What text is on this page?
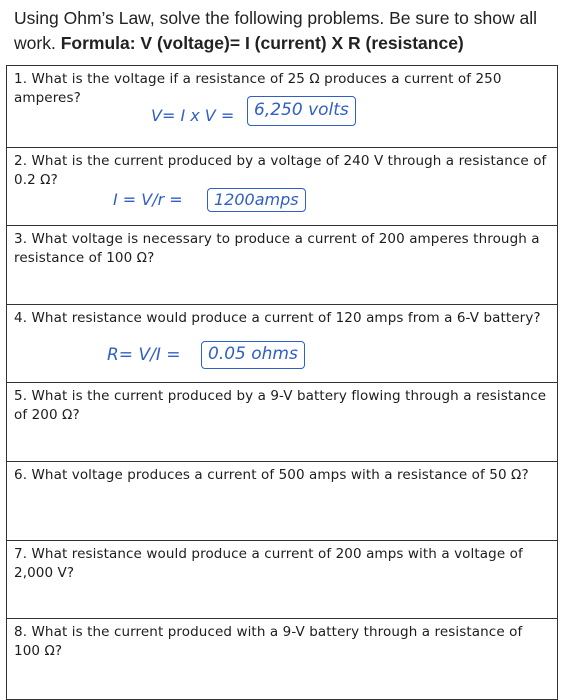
Using Ohm’s Law, solve the following problems. Be sure to show all work. Formula: V (voltage)= I (current) X R (resistance)
1. What is the voltage if a resistance of 25 Ω produces a current of 250 amperes?
V= I x V =	6,250 volts
2. What is the current produced by a voltage of 240 V through a resistance of 0.2 Ω?
I = V/r =	1200amps
3. What voltage is necessary to produce a current of 200 amperes through a resistance of 100 Ω?
4. What resistance would produce a current of 120 amps from a 6-V battery?
R= V/I =	0.05 ohms
5. What is the current produced by a 9-V battery flowing through a resistance of 200 Ω?
6. What voltage produces a current of 500 amps with a resistance of 50 Ω?
7. What resistance would produce a current of 200 amps with a voltage of 2,000 V?
8. What is the current produced with a 9-V battery through a resistance of 100 Ω?
